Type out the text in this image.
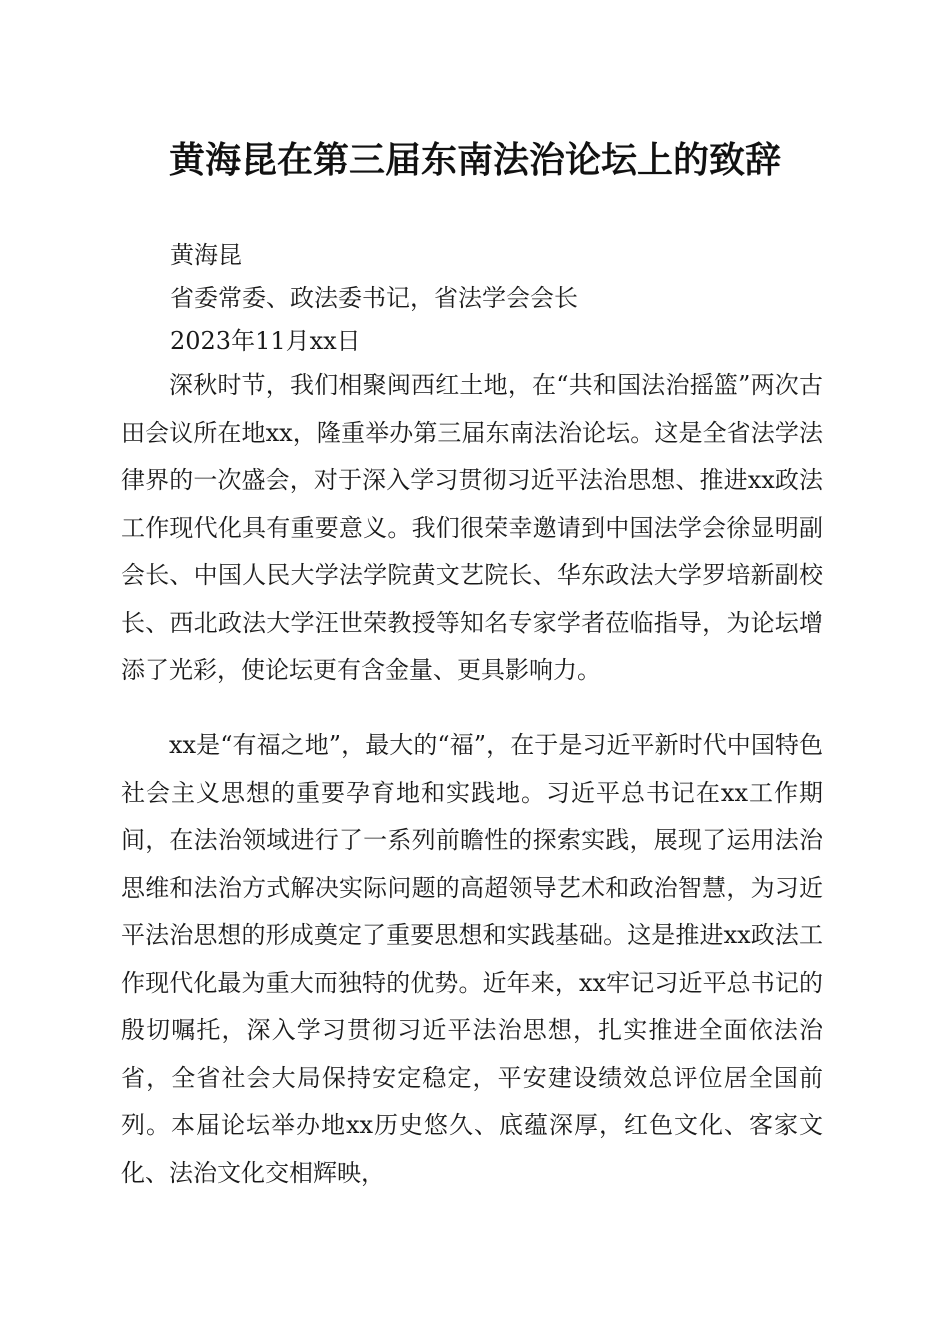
黄海昆在第三届东南法治论坛上的致辞
黄海昆
省委常委、政法委书记，省法学会会长
2023年11月xx日

深秋时节，我们相聚闽西红土地，在“共和国法治摇篮”两次古田会议所在地xx，隆重举办第三届东南法治论坛。这是全省法学法律界的一次盛会，对于深入学习贯彻习近平法治思想、推进xx政法工作现代化具有重要意义。我们很荣幸邀请到中国法学会徐显明副会长、中国人民大学法学院黄文艺院长、华东政法大学罗培新副校长、西北政法大学汪世荣教授等知名专家学者莅临指导，为论坛增添了光彩，使论坛更有含金量、更具影响力。

xx是“有福之地”，最大的“福”，在于是习近平新时代中国特色社会主义思想的重要孕育地和实践地。习近平总书记在xx工作期间，在法治领域进行了一系列前瞻性的探索实践，展现了运用法治思维和法治方式解决实际问题的高超领导艺术和政治智慧，为习近平法治思想的形成奠定了重要思想和实践基础。这是推进xx政法工作现代化最为重大而独特的优势。近年来，xx牢记习近平总书记的殷切嘱托，深入学习贯彻习近平法治思想，扎实推进全面依法治省，全省社会大局保持安定稳定，平安建设绩效总评位居全国前列。本届论坛举办地xx历史悠久、底蕴深厚，红色文化、客家文化、法治文化交相辉映，
